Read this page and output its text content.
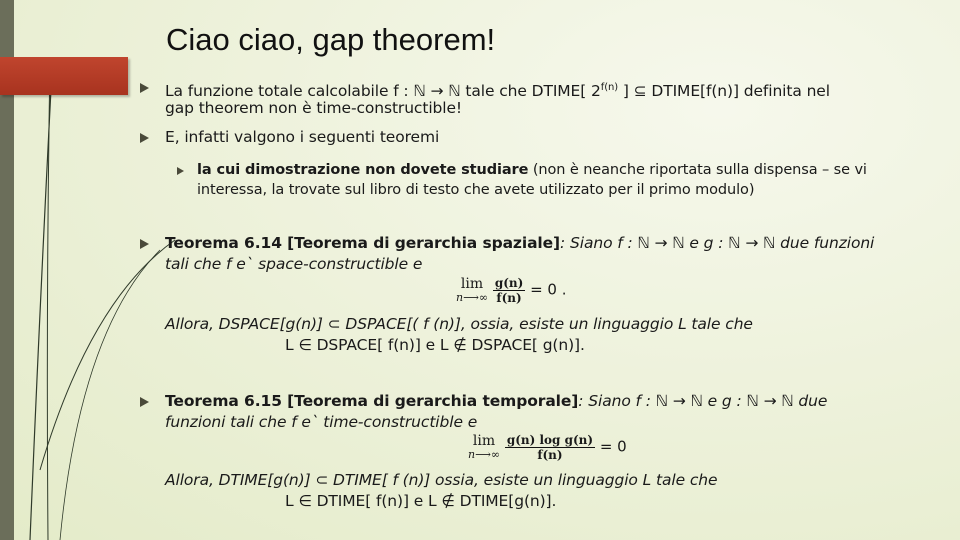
Ciao ciao, gap theorem!
La funzione totale calcolabile f : ℕ → ℕ tale che DTIME[ $2^{f(n)}$ ] ⊆ DTIME[f(n)] definita nel
gap theorem non è time-constructible!
E, infatti valgono i seguenti teoremi
la cui dimostrazione non dovete studiare (non è neanche riportata sulla dispensa – se vi
interessa, la trovate sul libro di testo che avete utilizzato per il primo modulo)
Teorema 6.14 [Teorema di gerarchia spaziale]: Siano f : ℕ → ℕ e g : ℕ → ℕ due funzioni
tali che f e` space-constructible e
lim
n⟶∞
$\frac{g(n)}{f(n)} = 0$ .
Allora, DSPACE[g(n)] ⊂ DSPACE[( f (n)], ossia, esiste un linguaggio L tale che
L ∈ DSPACE[ f(n)] e L ∉ DSPACE[ g(n)].
Teorema 6.15 [Teorema di gerarchia temporale]: Siano f : ℕ → ℕ e g : ℕ → ℕ due
funzioni tali che f e` time-constructible e
lim
n⟶∞
$\frac{\text{g(n) log g(n)}}{f(n)} = 0$
Allora, DTIME[g(n)] ⊂ DTIME[ f (n)] ossia, esiste un linguaggio L tale che
L ∈ DTIME[ f(n)] e L ∉ DTIME[g(n)].
